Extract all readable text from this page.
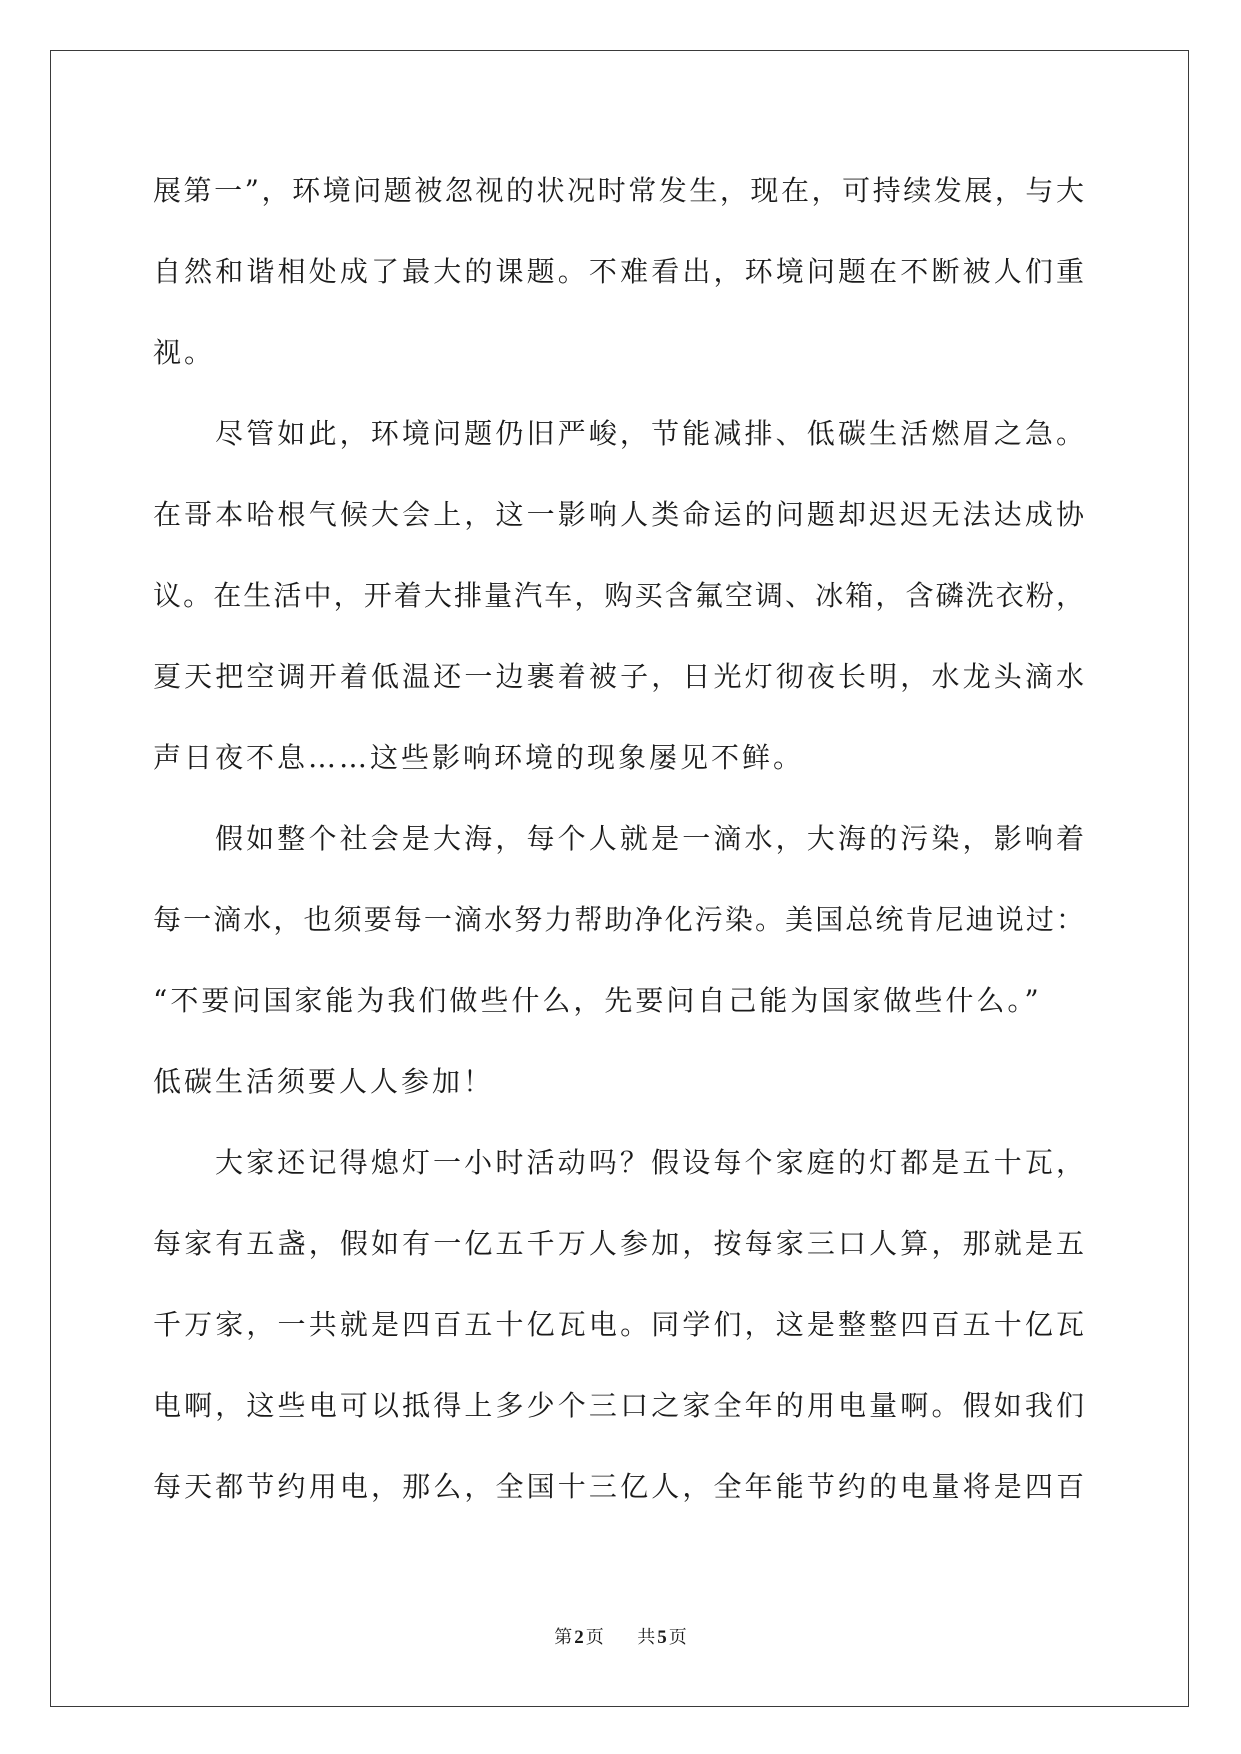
展第一”，环境问题被忽视的状况时常发生，现在，可持续发展，与大
自然和谐相处成了最大的课题。不难看出，环境问题在不断被人们重
视。
尽管如此，环境问题仍旧严峻，节能减排、低碳生活燃眉之急。
在哥本哈根气候大会上，这一影响人类命运的问题却迟迟无法达成协
议。在生活中，开着大排量汽车，购买含氟空调、冰箱，含磷洗衣粉，
夏天把空调开着低温还一边裹着被子，日光灯彻夜长明，水龙头滴水
声日夜不息……这些影响环境的现象屡见不鲜。
假如整个社会是大海，每个人就是一滴水，大海的污染，影响着
每一滴水，也须要每一滴水努力帮助净化污染。美国总统肯尼迪说过：
“不要问国家能为我们做些什么，先要问自己能为国家做些什么。”
低碳生活须要人人参加！
大家还记得熄灯一小时活动吗？假设每个家庭的灯都是五十瓦，
每家有五盏，假如有一亿五千万人参加，按每家三口人算，那就是五
千万家，一共就是四百五十亿瓦电。同学们，这是整整四百五十亿瓦
电啊，这些电可以抵得上多少个三口之家全年的用电量啊。假如我们
每天都节约用电，那么，全国十三亿人，全年能节约的电量将是四百
第 2 页 共 5 页
